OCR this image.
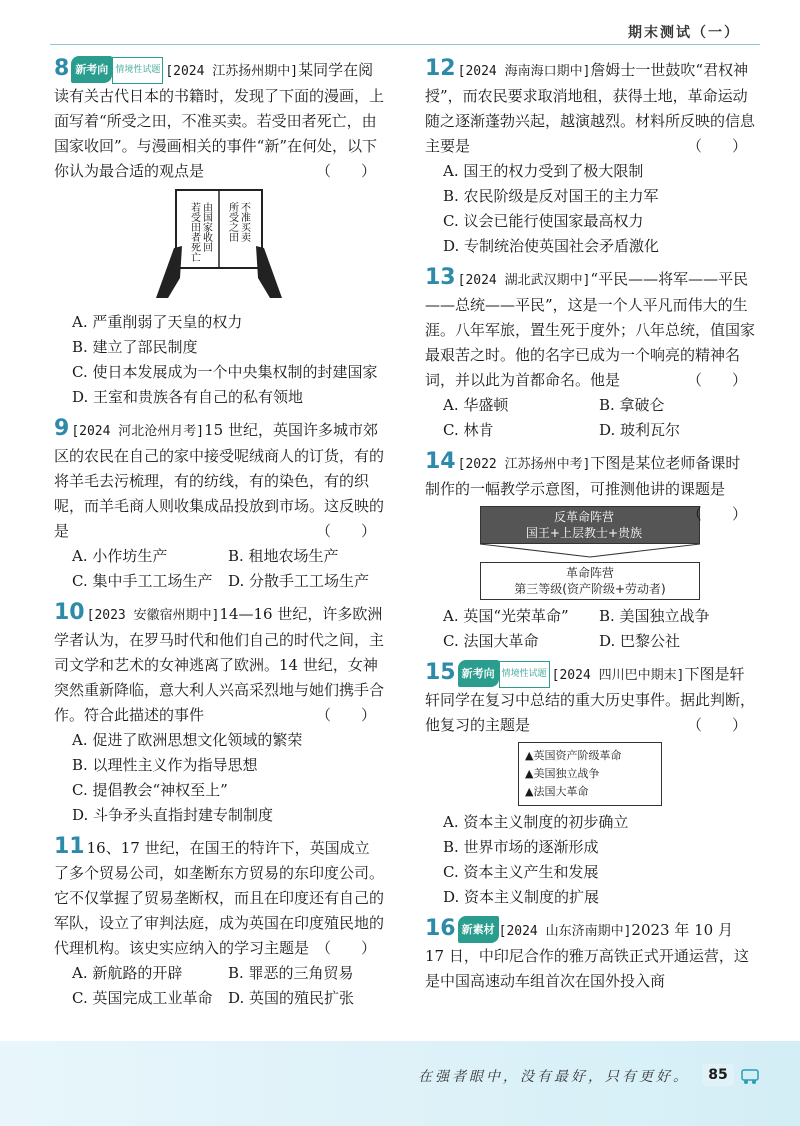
期末测试（一）
8 新考向 情境性试题 [2024 江苏扬州期中]某同学在阅读有关古代日本的书籍时，发现了下面的漫画，上面写着“所受之田，不准买卖。若受田者死亡，由国家收回”。与漫画相关的事件“新”在何处，以下你认为最合适的观点是	（　　）
所受之田 不准买卖
若受田者死亡 由国家收回
A. 严重削弱了天皇的权力
B. 建立了部民制度
C. 使日本发展成为一个中央集权制的封建国家
D. 王室和贵族各有自己的私有领地
9 [2024 河北沧州月考]15 世纪，英国许多城市郊区的农民在自己的家中接受呢绒商人的订货，有的将羊毛去污梳理，有的纺线，有的染色，有的织呢，而羊毛商人则收集成品投放到市场。这反映的是	（　　）
A. 小作坊生产	B. 租地农场生产
C. 集中手工工场生产	D. 分散手工工场生产
10 [2023 安徽宿州期中]14—16 世纪，许多欧洲学者认为，在罗马时代和他们自己的时代之间，主司文学和艺术的女神逃离了欧洲。14 世纪，女神突然重新降临，意大利人兴高采烈地与她们携手合作。符合此描述的事件	（　　）
A. 促进了欧洲思想文化领域的繁荣
B. 以理性主义作为指导思想
C. 提倡教会“神权至上”
D. 斗争矛头直指封建专制制度
11 16、17 世纪，在国王的特许下，英国成立了多个贸易公司，如垄断东方贸易的东印度公司。它不仅掌握了贸易垄断权，而且在印度还有自己的军队，设立了审判法庭，成为英国在印度殖民地的代理机构。该史实应纳入的学习主题是 （　　）
A. 新航路的开辟	B. 罪恶的三角贸易
C. 英国完成工业革命	D. 英国的殖民扩张
12 [2024 海南海口期中]詹姆士一世鼓吹“君权神授”，而农民要求取消地租，获得土地，革命运动随之逐渐蓬勃兴起，越演越烈。材料所反映的信息主要是	（　　）
A. 国王的权力受到了极大限制
B. 农民阶级是反对国王的主力军
C. 议会已能行使国家最高权力
D. 专制统治使英国社会矛盾激化
13 [2024 湖北武汉期中]“平民——将军——平民——总统——平民”，这是一个人平凡而伟大的生涯。八年军旅，置生死于度外；八年总统，值国家最艰苦之时。他的名字已成为一个响亮的精神名词，并以此为首都命名。他是	（　　）
A. 华盛顿	B. 拿破仑
C. 林肯	D. 玻利瓦尔
14 [2022 江苏扬州中考]下图是某位老师备课时制作的一幅教学示意图，可推测他讲的课题是
（　　）
反革命阵营
国王+上层教士+贵族
革命阵营
第三等级(资产阶级+劳动者)
A. 英国“光荣革命”	B. 美国独立战争
C. 法国大革命	D. 巴黎公社
15 新考向 情境性试题 [2024 四川巴中期末]下图是轩轩同学在复习中总结的重大历史事件。据此判断，他复习的主题是	（　　）
▲英国资产阶级革命
▲美国独立战争
▲法国大革命
A. 资本主义制度的初步确立
B. 世界市场的逐渐形成
C. 资本主义产生和发展
D. 资本主义制度的扩展
16 新素材 [2024 山东济南期中]2023 年 10 月 17 日，中印尼合作的雅万高铁正式开通运营，这是中国高速动车组首次在国外投入商
在强者眼中，没有最好，只有更好。	85
